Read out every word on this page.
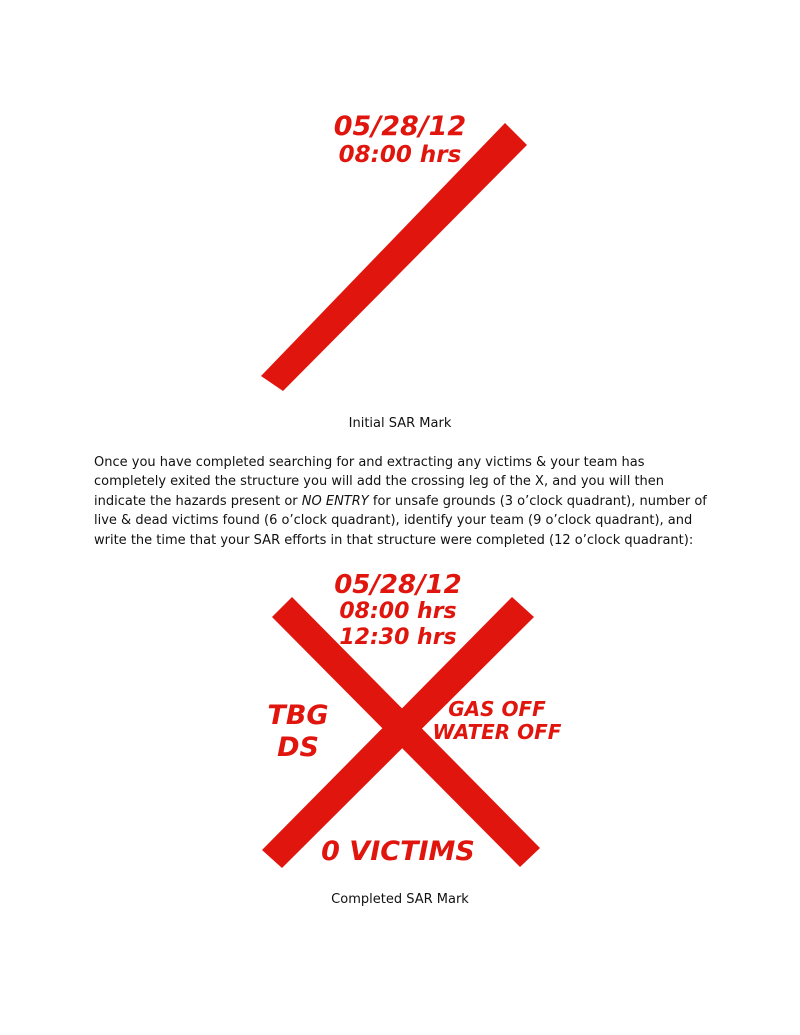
05/28/12
08:00 hrs
05/28/12
08:00 hrs
12:30 hrs
TBG
DS
GAS OFF
WATER OFF
0 VICTIMS
Initial SAR Mark
Once you have completed searching for and extracting any victims & your team has completely exited the structure you will add the crossing leg of the X, and you will then indicate the hazards present or NO ENTRY for unsafe grounds (3 o’clock quadrant), number of live & dead victims found (6 o’clock quadrant), identify your team (9 o’clock quadrant), and write the time that your SAR efforts in that structure were completed (12 o’clock quadrant):
Completed SAR Mark
